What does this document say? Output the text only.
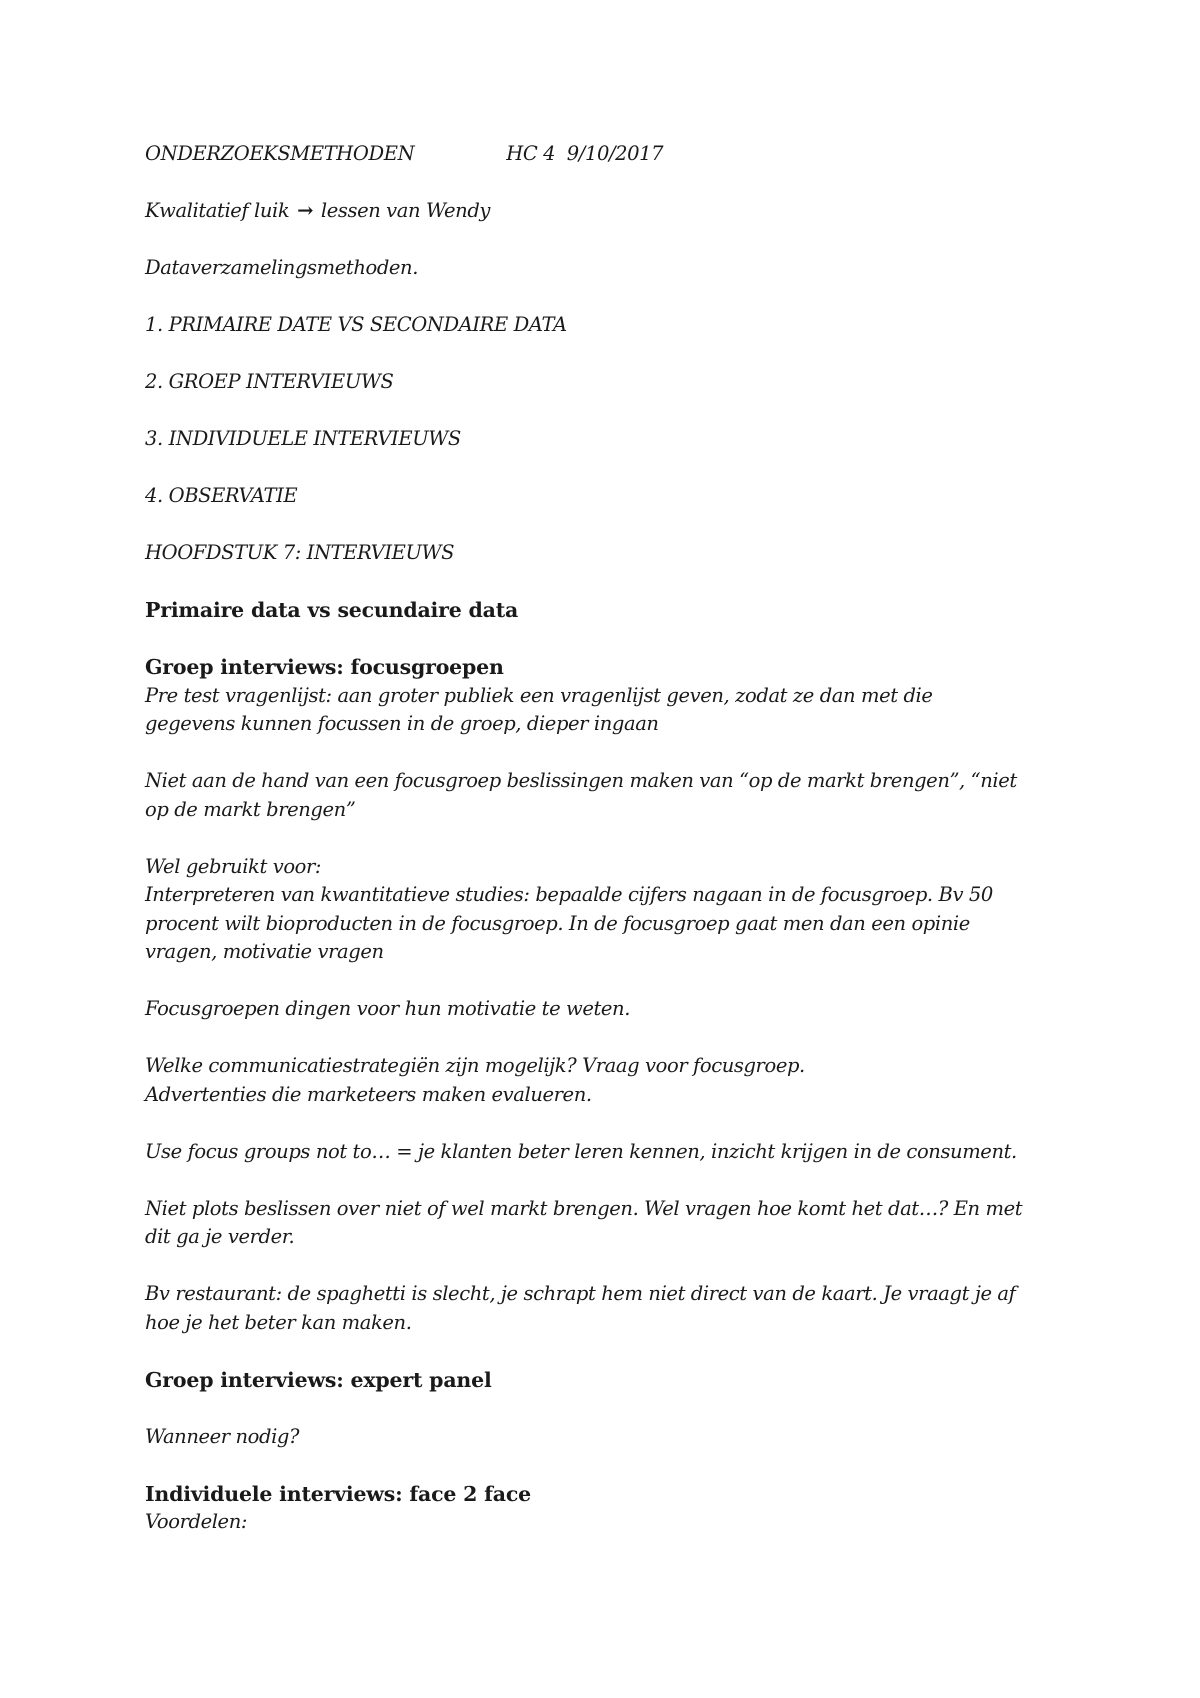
ONDERZOEKSMETHODEN	HC 4 9/10/2017
Kwalitatief luik → lessen van Wendy
Dataverzamelingsmethoden.
1. PRIMAIRE DATE VS SECONDAIRE DATA
2. GROEP INTERVIEUWS
3. INDIVIDUELE INTERVIEUWS
4. OBSERVATIE
HOOFDSTUK 7: INTERVIEUWS
Primaire data vs secundaire data
Groep interviews: focusgroepen
Pre test vragenlijst: aan groter publiek een vragenlijst geven, zodat ze dan met die
gegevens kunnen focussen in de groep, dieper ingaan
Niet aan de hand van een focusgroep beslissingen maken van “op de markt brengen”, “niet
op de markt brengen”
Wel gebruikt voor:
Interpreteren van kwantitatieve studies: bepaalde cijfers nagaan in de focusgroep. Bv 50
procent wilt bioproducten in de focusgroep. In de focusgroep gaat men dan een opinie
vragen, motivatie vragen
Focusgroepen dingen voor hun motivatie te weten.
Welke communicatiestrategiën zijn mogelijk? Vraag voor focusgroep.
Advertenties die marketeers maken evalueren.
Use focus groups not to… = je klanten beter leren kennen, inzicht krijgen in de consument.
Niet plots beslissen over niet of wel markt brengen. Wel vragen hoe komt het dat…? En met
dit ga je verder.
Bv restaurant: de spaghetti is slecht, je schrapt hem niet direct van de kaart. Je vraagt je af
hoe je het beter kan maken.
Groep interviews: expert panel
Wanneer nodig?
Individuele interviews: face 2 face
Voordelen:
